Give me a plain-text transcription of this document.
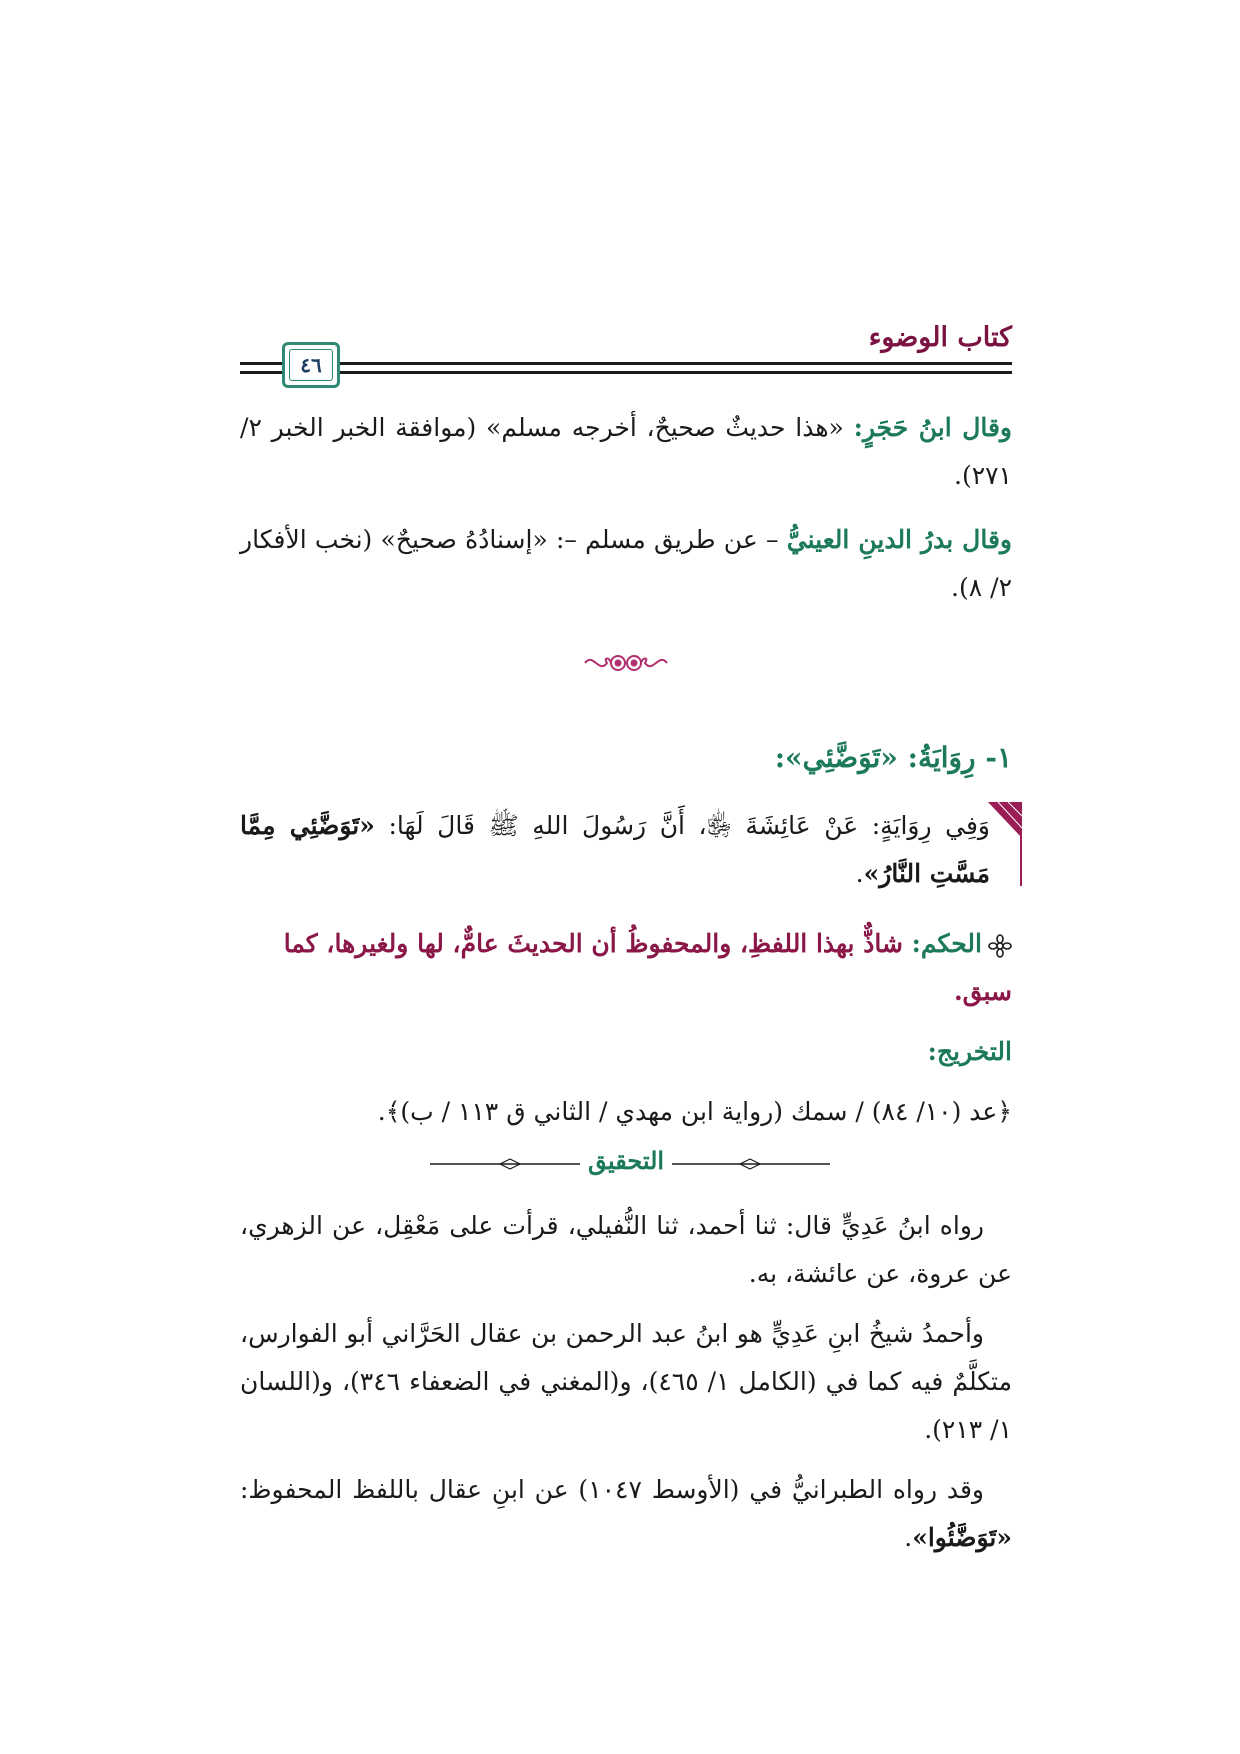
كتاب الوضوء
٤٦

وقال ابنُ حَجَرٍ: «هذا حديثٌ صحيحٌ، أخرجه مسلم» (موافقة الخبر الخبر ٢/ ٢٧١).

وقال بدرُ الدينِ العينيُّ – عن طريق مسلم –: «إسنادُهُ صحيحٌ» (نخب الأفكار ٢/ ٨).

١- رِوَايَةُ: «تَوَضَّئِي»:

وَفِي رِوَايَةٍ: عَنْ عَائِشَةَ ﵂، أَنَّ رَسُولَ اللهِ ﷺ قَالَ لَهَا: «تَوَضَّئِي مِمَّا مَسَّتِ النَّارُ».

الحكم: شاذٌّ بهذا اللفظِ، والمحفوظُ أن الحديثَ عامٌّ، لها ولغيرها، كما سبق.
التخريج:
﴿عد (١٠/ ٨٤) / سمك (رواية ابن مهدي / الثاني ق ١١٣ / ب)﴾.
التحقيق

رواه ابنُ عَدِيٍّ قال: ثنا أحمد، ثنا النُّفيلي، قرأت على مَعْقِل، عن الزهري، عن عروة، عن عائشة، به.

وأحمدُ شيخُ ابنِ عَدِيٍّ هو ابنُ عبد الرحمن بن عقال الحَرَّاني أبو الفوارس، متكلَّمٌ فيه كما في (الكامل ١/ ٤٦٥)، و(المغني في الضعفاء ٣٤٦)، و(اللسان ١/ ٢١٣).

وقد رواه الطبرانيُّ في (الأوسط ١٠٤٧) عن ابنِ عقال باللفظ المحفوظ: «تَوَضَّئُوا».
